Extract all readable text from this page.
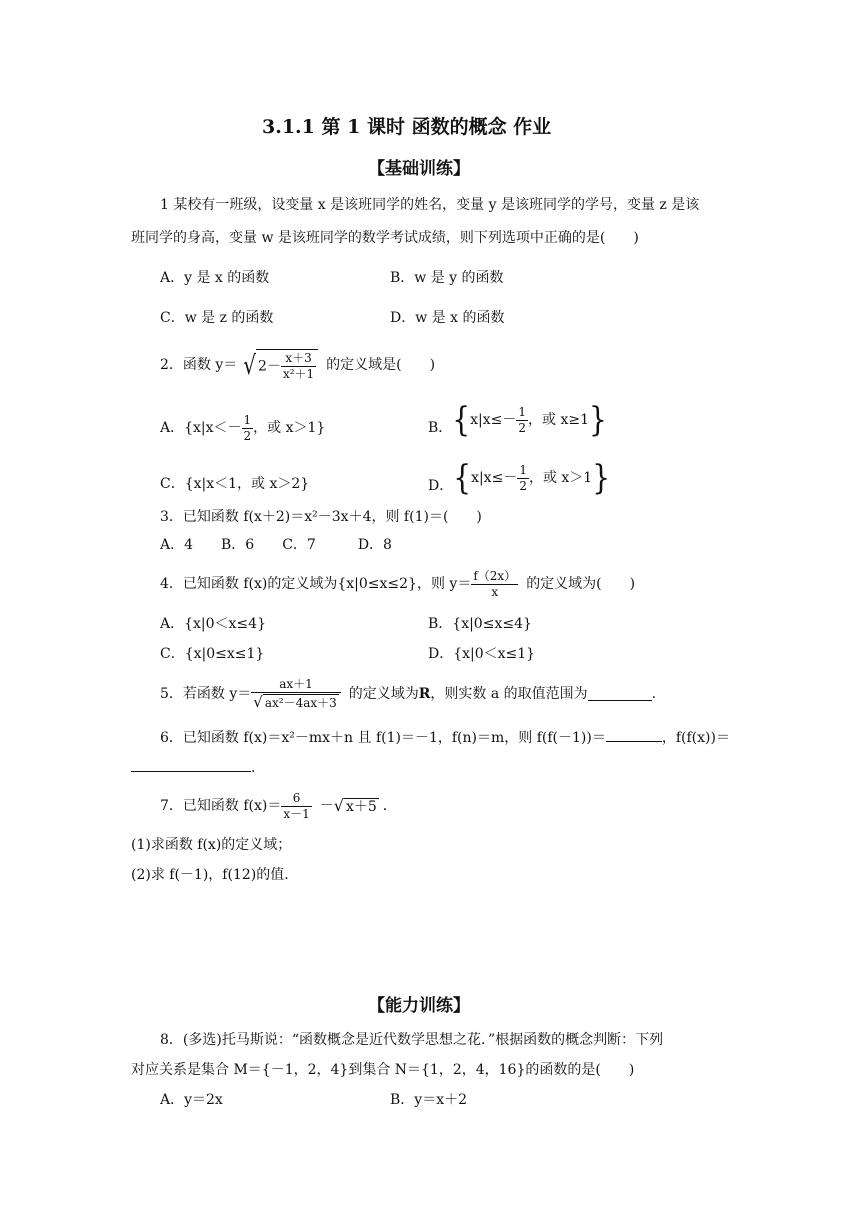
3.1.1 第 1 课时 函数的概念 作业
【基础训练】
1 某校有一班级，设变量 x 是该班同学的姓名，变量 y 是该班同学的学号，变量 z 是该
班同学的身高，变量 w 是该班同学的数学考试成绩，则下列选项中正确的是(　　)
A．y 是 x 的函数	B．w 是 y 的函数
C．w 是 z 的函数	D．w 是 x 的函数
2．函数 y＝ √ $2- \frac{x+3}{\text{x²＋1}}$ 的定义域是(　　)
A．{$x|x<- \frac{1}{2}$ ，或 x＞1}	B． { $x|x\le- \frac{1}{2}$ ，或 x≥1 }
C．{x|x＜1，或 x＞2}	D． { $x|x\le- \frac{1}{2}$ ，或 x＞1 }
3．已知函数 f(x＋2)＝x²－3x＋4，则 f(1)＝(　　)
A．4　　B．6　　C．7　　　D．8
4．已知函数 f(x)的定义域为{x|0≤x≤2}，则 $y= \frac{f(2x)}{x}$ 的定义域为(　　)
A．{x|0＜x≤4}	B．{x|0≤x≤4}
C．{x|0≤x≤1}	D．{x|0＜x≤1}
5．若函数 $y= \frac{ax+1}{\text{√ ax²－4ax＋3}}$ 的定义域为 R ，则实数 a 的取值范围为	.
6．已知函数 f(x)＝x²－mx＋n 且 f(1)＝－1，f(n)＝m，则 f(f(－1))＝	，f(f(x))＝
.
7．已知函数 $f(x)= \frac{6}{x-1}$ － √ x＋5 ．
(1)求函数 f(x)的定义域；
(2)求 f(－1)，f(12)的值．
【能力训练】
8．(多选)托马斯说：“函数概念是近代数学思想之花．”根据函数的概念判断：下列
对应关系是集合 M＝{－1，2，4}到集合 N＝{1，2，4，16}的函数的是(　　)
A．y＝2x	B．y＝x＋2
